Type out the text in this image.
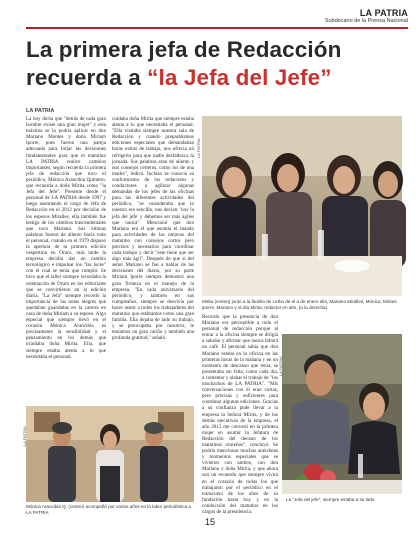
LA PATRIA
Subdecano de la Prensa Nacional
La primera jefa de Redacción
recuerda a “la Jefa del Jefe”
LA PATRIA

La hoy dicha que "detrás de cada gran hombre existe una gran mujer" y esta máxima se la podría aplicar en don Mariano Montes y doña Miriam Iporre, pues fueron una pareja adecuada para forjar las decisiones fundamentales para que el matutino LA PATRIA realice cambios importantes, según recuerda la primera jefa de redacción que tuvo el periódico, Mónica Arancibia Quintero, que recuerda a doña Mirita como "la Jefa del Jefe". Presente desde el personal de LA PATRIA desde 1997 y luego asumiendo el cargo de Jefa de Redacción en el 2012 por decisión de los esposos Miralles, ella también fue testigo de los cambios trascendentales que tuvo Mariano. Sus últimas palabras fueron de aliento hacia todo el personal, cuando en el 1979 dispuso la apertura de la primera edición vespertina en Oruro, más tarde la empresa decidió dar un cambio tecnológico e impulsar los "las luces" con el cual se tenía que cumplir. Se tuvo que el taller siempre recordaba la orientación de Oruro en los editoriales que se convirtieron en la edición diaria, "La Jefa" siempre recordó la importancia de las notas alegres que quedaban guardadas en la cartera en casa de doña Miriam a su esposo. Algo especial que siempre llevó en el corazón Mónica Arancibia es precisamente la sensibilidad y el pensamiento en los demás que irradiaba doña Mirita. Ella, que siempre estaba atenta a lo que necesitaba el personal.

cuidaba doña Mirita que siempre estaba atenta a lo que necesitaba el personal. "Ella visitaba siempre nuestra sala de Redacción y cuando preparábamos ediciones especiales que demandaban horas extras de trabajo, nos ofrecía un refrigerio para que nadie desfallezca la jornada. Sus palabras eran de aliento y nos consejos certeros, como los de una madre", indicó. Incluso se conocía su conformismo de los redactores y conductores a agilizar algunas demandas de los jefes de las oficinas para las diferentes actividades del periódico, "se consideraba que lo nuestro era sencillo, nos decían: 'hoy la jefa del jefe' y debemos ser más ágiles que nunca". Mencionó que don Mariano era el que asumía el mando para actividades de las mejoras del matutino con consejos cortos pero precisos y necesarios para coordinar cada trabajo y decir "este tiene que ser algo más ágil". Después de que sí del señor Mariano se fue a hablar de las decisiones del diario, por su parte Miriam Iporre siempre demostró una gran firmeza en el manejo de la empresa. "En cada aniversario del periódico, y también en sus cumpleaños, siempre se desvivía por hacer sentir a todos los trabajadores del matutino que estábamos como una gran familia. Ella dejaba de lado su trabajo, y se preocupaba por nosotros, le teníamos un gran cariño y también una profunda gratitud," señaló.

LA PATRIA
Mirita (centro) junto a la familia de Letha de el a de enero ella, Mariano Miralles, Mónica, Miriam Iporre, Mariano y el día Mirita, redactor en alto, (a la derecha).

Recordó que la presencia de don Mariano era perceptible a todo el personal de redacción porque al entrar a la oficina siempre se dirigía a saludar y afirmar que nunca faltará un café. El personal sabía que don Mariano estaba en la oficina en las primeras horas de la mañana y en un momento de descanso que tenía, se presentaba sin falta, como cada día, a comentar y alabar el trabajo de "los muchachos de LA PATRIA". "Mis conversaciones con él eran cortas, pero precisas y suficientes para coordinar algunas ediciones. Gracias a su confianza pude llevar a la empresa la Señora Mirita, y de los demás ejecutivos de la empresa, el año 2012 me convertí en la primera mujer en asumir la Jefatura de Redacción del decano de los matutinos orureños", concluyó. Se podría mencionar muchas anécdotas y momentos especiales que se vivieron con ambos, con don Mariano y doña Mirita, y que ahora son un recuerdo que siempre vivirá en el corazón de todos los que trabajaron por el periódico en el transcurso de los años de su fundación hasta hoy y en la conducción del matutino en los cargos de la presidencia.

LA PATRIA
La "Jefa del jefe", siempre estaba a su lado
LA PATRIA
Mónica Arancibia Q. (centro) acompañó por varios años en la labor periodística a LA PATRIA
15
